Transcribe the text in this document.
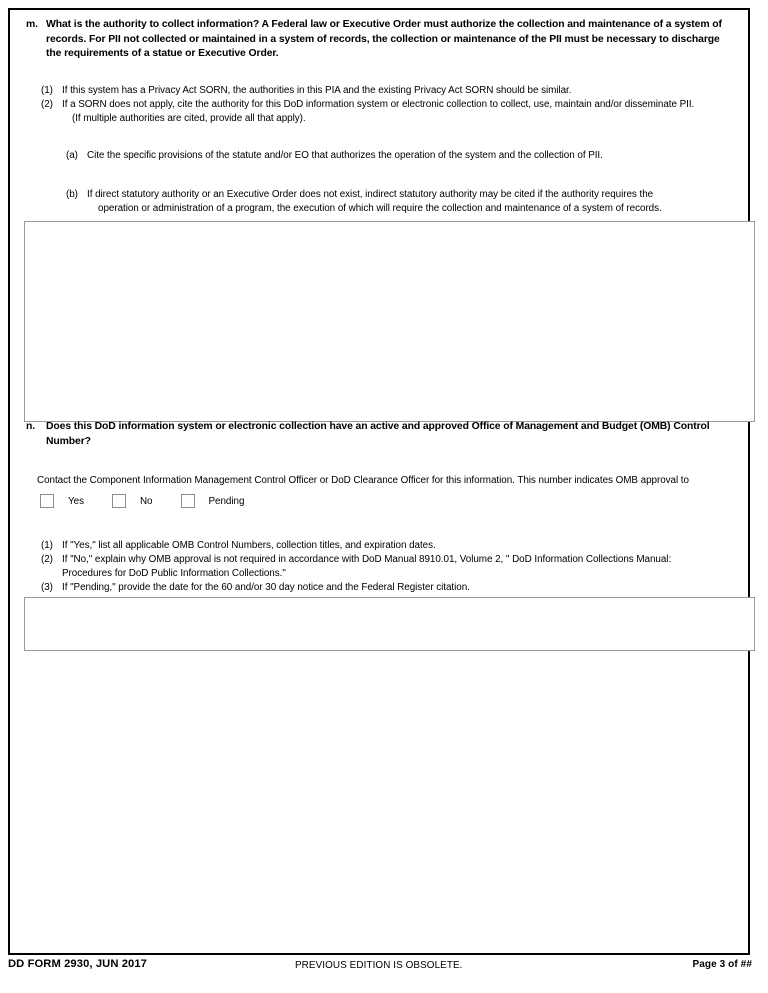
m. What is the authority to collect information? A Federal law or Executive Order must authorize the collection and maintenance of a system of records. For PII not collected or maintained in a system of records, the collection or maintenance of the PII must be necessary to discharge the requirements of a statue or Executive Order.
(1) If this system has a Privacy Act SORN, the authorities in this PIA and the existing Privacy Act SORN should be similar.
(2) If a SORN does not apply, cite the authority for this DoD information system or electronic collection to collect, use, maintain and/or disseminate PII.
(If multiple authorities are cited, provide all that apply).
(a) Cite the specific provisions of the statute and/or EO that authorizes the operation of the system and the collection of PII.
(b) If direct statutory authority or an Executive Order does not exist, indirect statutory authority may be cited if the authority requires the
operation or administration of a program, the execution of which will require the collection and maintenance of a system of records.
n. Does this DoD information system or electronic collection have an active and approved Office of Management and Budget (OMB) Control Number?
Contact the Component Information Management Control Officer or DoD Clearance Officer for this information. This number indicates OMB approval to
Yes	No	Pending
(1) If "Yes," list all applicable OMB Control Numbers, collection titles, and expiration dates.
(2) If "No," explain why OMB approval is not required in accordance with DoD Manual 8910.01, Volume 2, " DoD Information Collections Manual:
Procedures for DoD Public Information Collections."
(3) If "Pending," provide the date for the 60 and/or 30 day notice and the Federal Register citation.
DD FORM 2930, JUN 2017	PREVIOUS EDITION IS OBSOLETE.	Page 3 of ##
